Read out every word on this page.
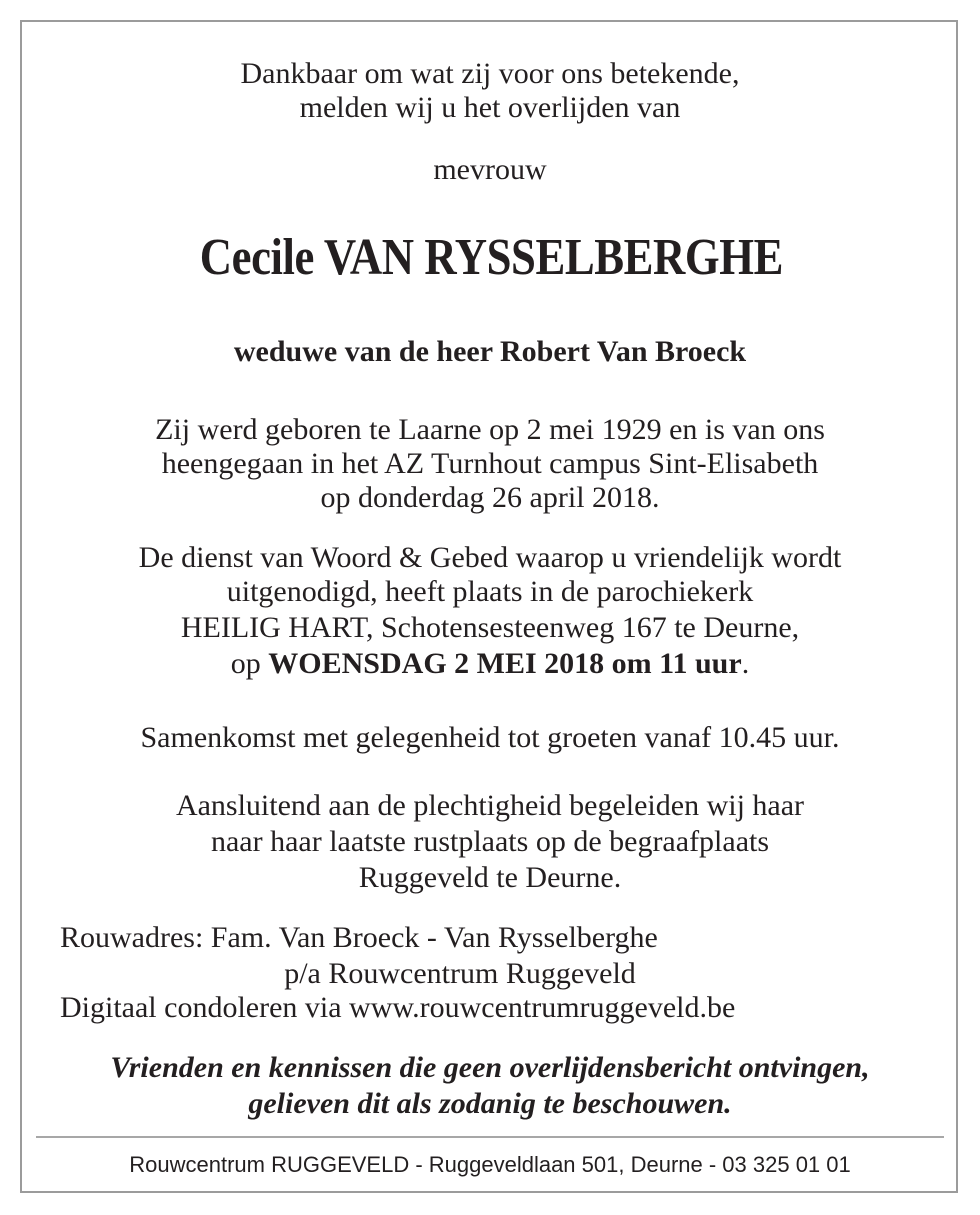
Dankbaar om wat zij voor ons betekende,
melden wij u het overlijden van
mevrouw
Cecile VAN RYSSELBERGHE
weduwe van de heer Robert Van Broeck
Zij werd geboren te Laarne op 2 mei 1929 en is van ons
heengegaan in het AZ Turnhout campus Sint-Elisabeth
op donderdag 26 april 2018.
De dienst van Woord & Gebed waarop u vriendelijk wordt
uitgenodigd, heeft plaats in de parochiekerk
HEILIG HART, Schotensesteenweg 167 te Deurne,
op WOENSDAG 2 MEI 2018 om 11 uur.
Samenkomst met gelegenheid tot groeten vanaf 10.45 uur.
Aansluitend aan de plechtigheid begeleiden wij haar
naar haar laatste rustplaats op de begraafplaats
Ruggeveld te Deurne.
Rouwadres: Fam. Van Broeck - Van Rysselberghe
p/a Rouwcentrum Ruggeveld
Digitaal condoleren via www.rouwcentrumruggeveld.be
Vrienden en kennissen die geen overlijdensbericht ontvingen,
gelieven dit als zodanig te beschouwen.
Rouwcentrum RUGGEVELD - Ruggeveldlaan 501, Deurne - 03 325 01 01
